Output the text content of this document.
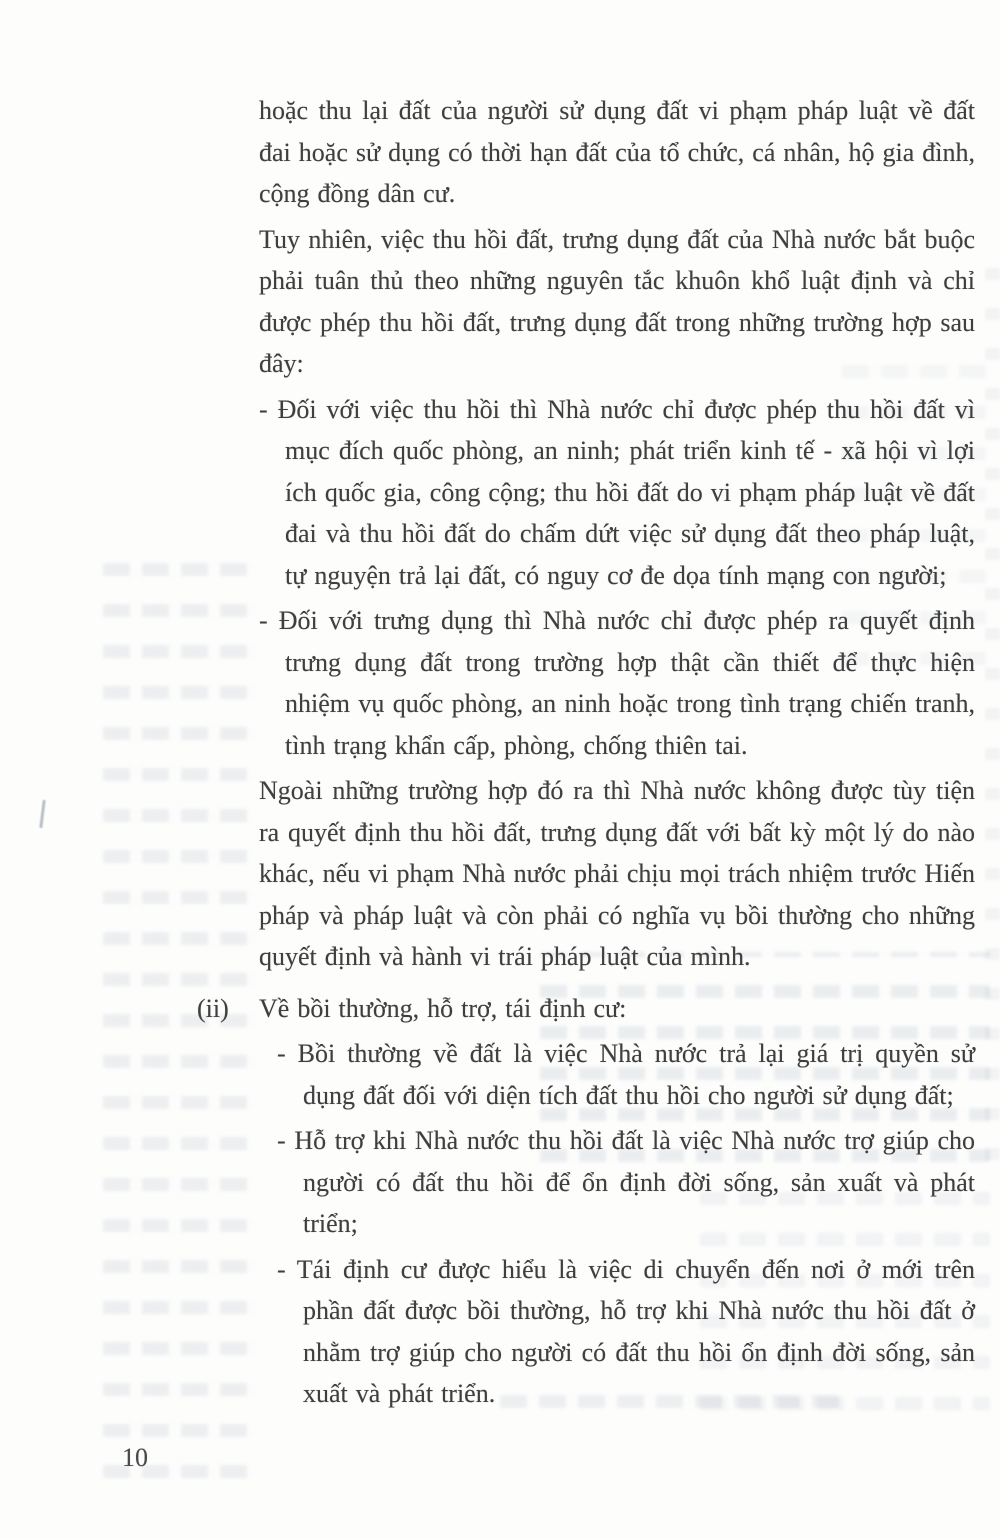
hoặc thu lại đất của người sử dụng đất vi phạm pháp luật về đất đai hoặc sử dụng có thời hạn đất của tổ chức, cá nhân, hộ gia đình, cộng đồng dân cư.

Tuy nhiên, việc thu hồi đất, trưng dụng đất của Nhà nước bắt buộc phải tuân thủ theo những nguyên tắc khuôn khổ luật định và chỉ được phép thu hồi đất, trưng dụng đất trong những trường hợp sau đây:

- Đối với việc thu hồi thì Nhà nước chỉ được phép thu hồi đất vì mục đích quốc phòng, an ninh; phát triển kinh tế - xã hội vì lợi ích quốc gia, công cộng; thu hồi đất do vi phạm pháp luật về đất đai và thu hồi đất do chấm dứt việc sử dụng đất theo pháp luật, tự nguyện trả lại đất, có nguy cơ đe dọa tính mạng con người;
- Đối với trưng dụng thì Nhà nước chỉ được phép ra quyết định trưng dụng đất trong trường hợp thật cần thiết để thực hiện nhiệm vụ quốc phòng, an ninh hoặc trong tình trạng chiến tranh, tình trạng khẩn cấp, phòng, chống thiên tai.

Ngoài những trường hợp đó ra thì Nhà nước không được tùy tiện ra quyết định thu hồi đất, trưng dụng đất với bất kỳ một lý do nào khác, nếu vi phạm Nhà nước phải chịu mọi trách nhiệm trước Hiến pháp và pháp luật và còn phải có nghĩa vụ bồi thường cho những quyết định và hành vi trái pháp luật của mình.

(ii) Về bồi thường, hỗ trợ, tái định cư:
- Bồi thường về đất là việc Nhà nước trả lại giá trị quyền sử dụng đất đối với diện tích đất thu hồi cho người sử dụng đất;
- Hỗ trợ khi Nhà nước thu hồi đất là việc Nhà nước trợ giúp cho người có đất thu hồi để ổn định đời sống, sản xuất và phát triển;
- Tái định cư được hiểu là việc di chuyển đến nơi ở mới trên phần đất được bồi thường, hỗ trợ khi Nhà nước thu hồi đất ở nhằm trợ giúp cho người có đất thu hồi ổn định đời sống, sản xuất và phát triển.
10
